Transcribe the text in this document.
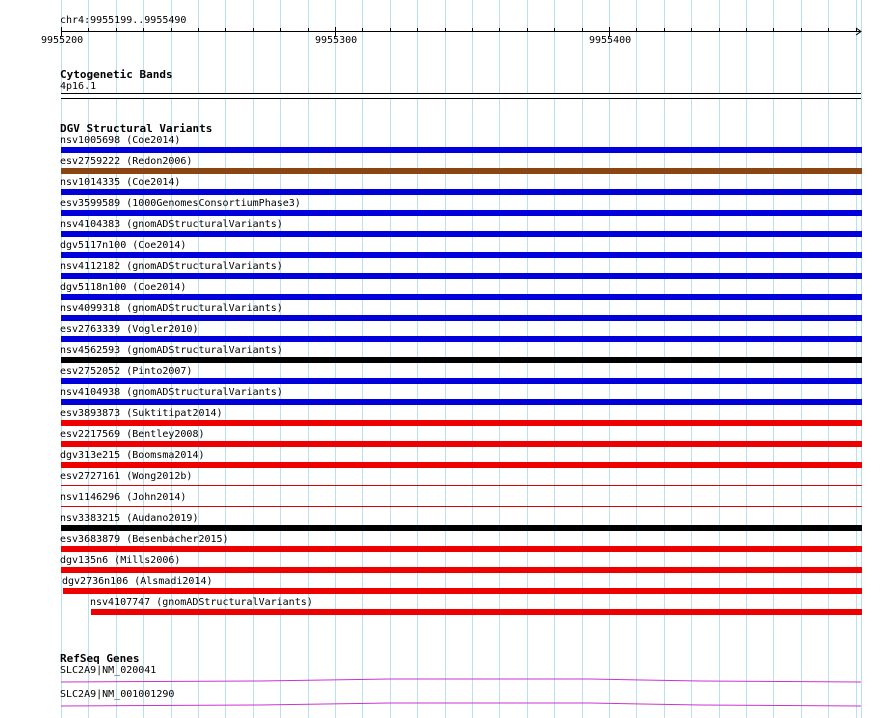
chr4:9955199..9955490
9955200	9955300	9955400
Cytogenetic Bands
4p16.1
DGV Structural Variants
nsv1005698 (Coe2014)
esv2759222 (Redon2006)
nsv1014335 (Coe2014)
esv3599589 (1000GenomesConsortiumPhase3)
nsv4104383 (gnomADStructuralVariants)
dgv5117n100 (Coe2014)
nsv4112182 (gnomADStructuralVariants)
dgv5118n100 (Coe2014)
nsv4099318 (gnomADStructuralVariants)
esv2763339 (Vogler2010)
nsv4562593 (gnomADStructuralVariants)
esv2752052 (Pinto2007)
nsv4104938 (gnomADStructuralVariants)
esv3893873 (Suktitipat2014)
esv2217569 (Bentley2008)
dgv313e215 (Boomsma2014)
esv2727161 (Wong2012b)
nsv1146296 (John2014)
nsv3383215 (Audano2019)
esv3683879 (Besenbacher2015)
dgv135n6 (Mills2006)
dgv2736n106 (Alsmadi2014)
nsv4107747 (gnomADStructuralVariants)
RefSeq Genes
SLC2A9|NM_020041
SLC2A9|NM_001001290
